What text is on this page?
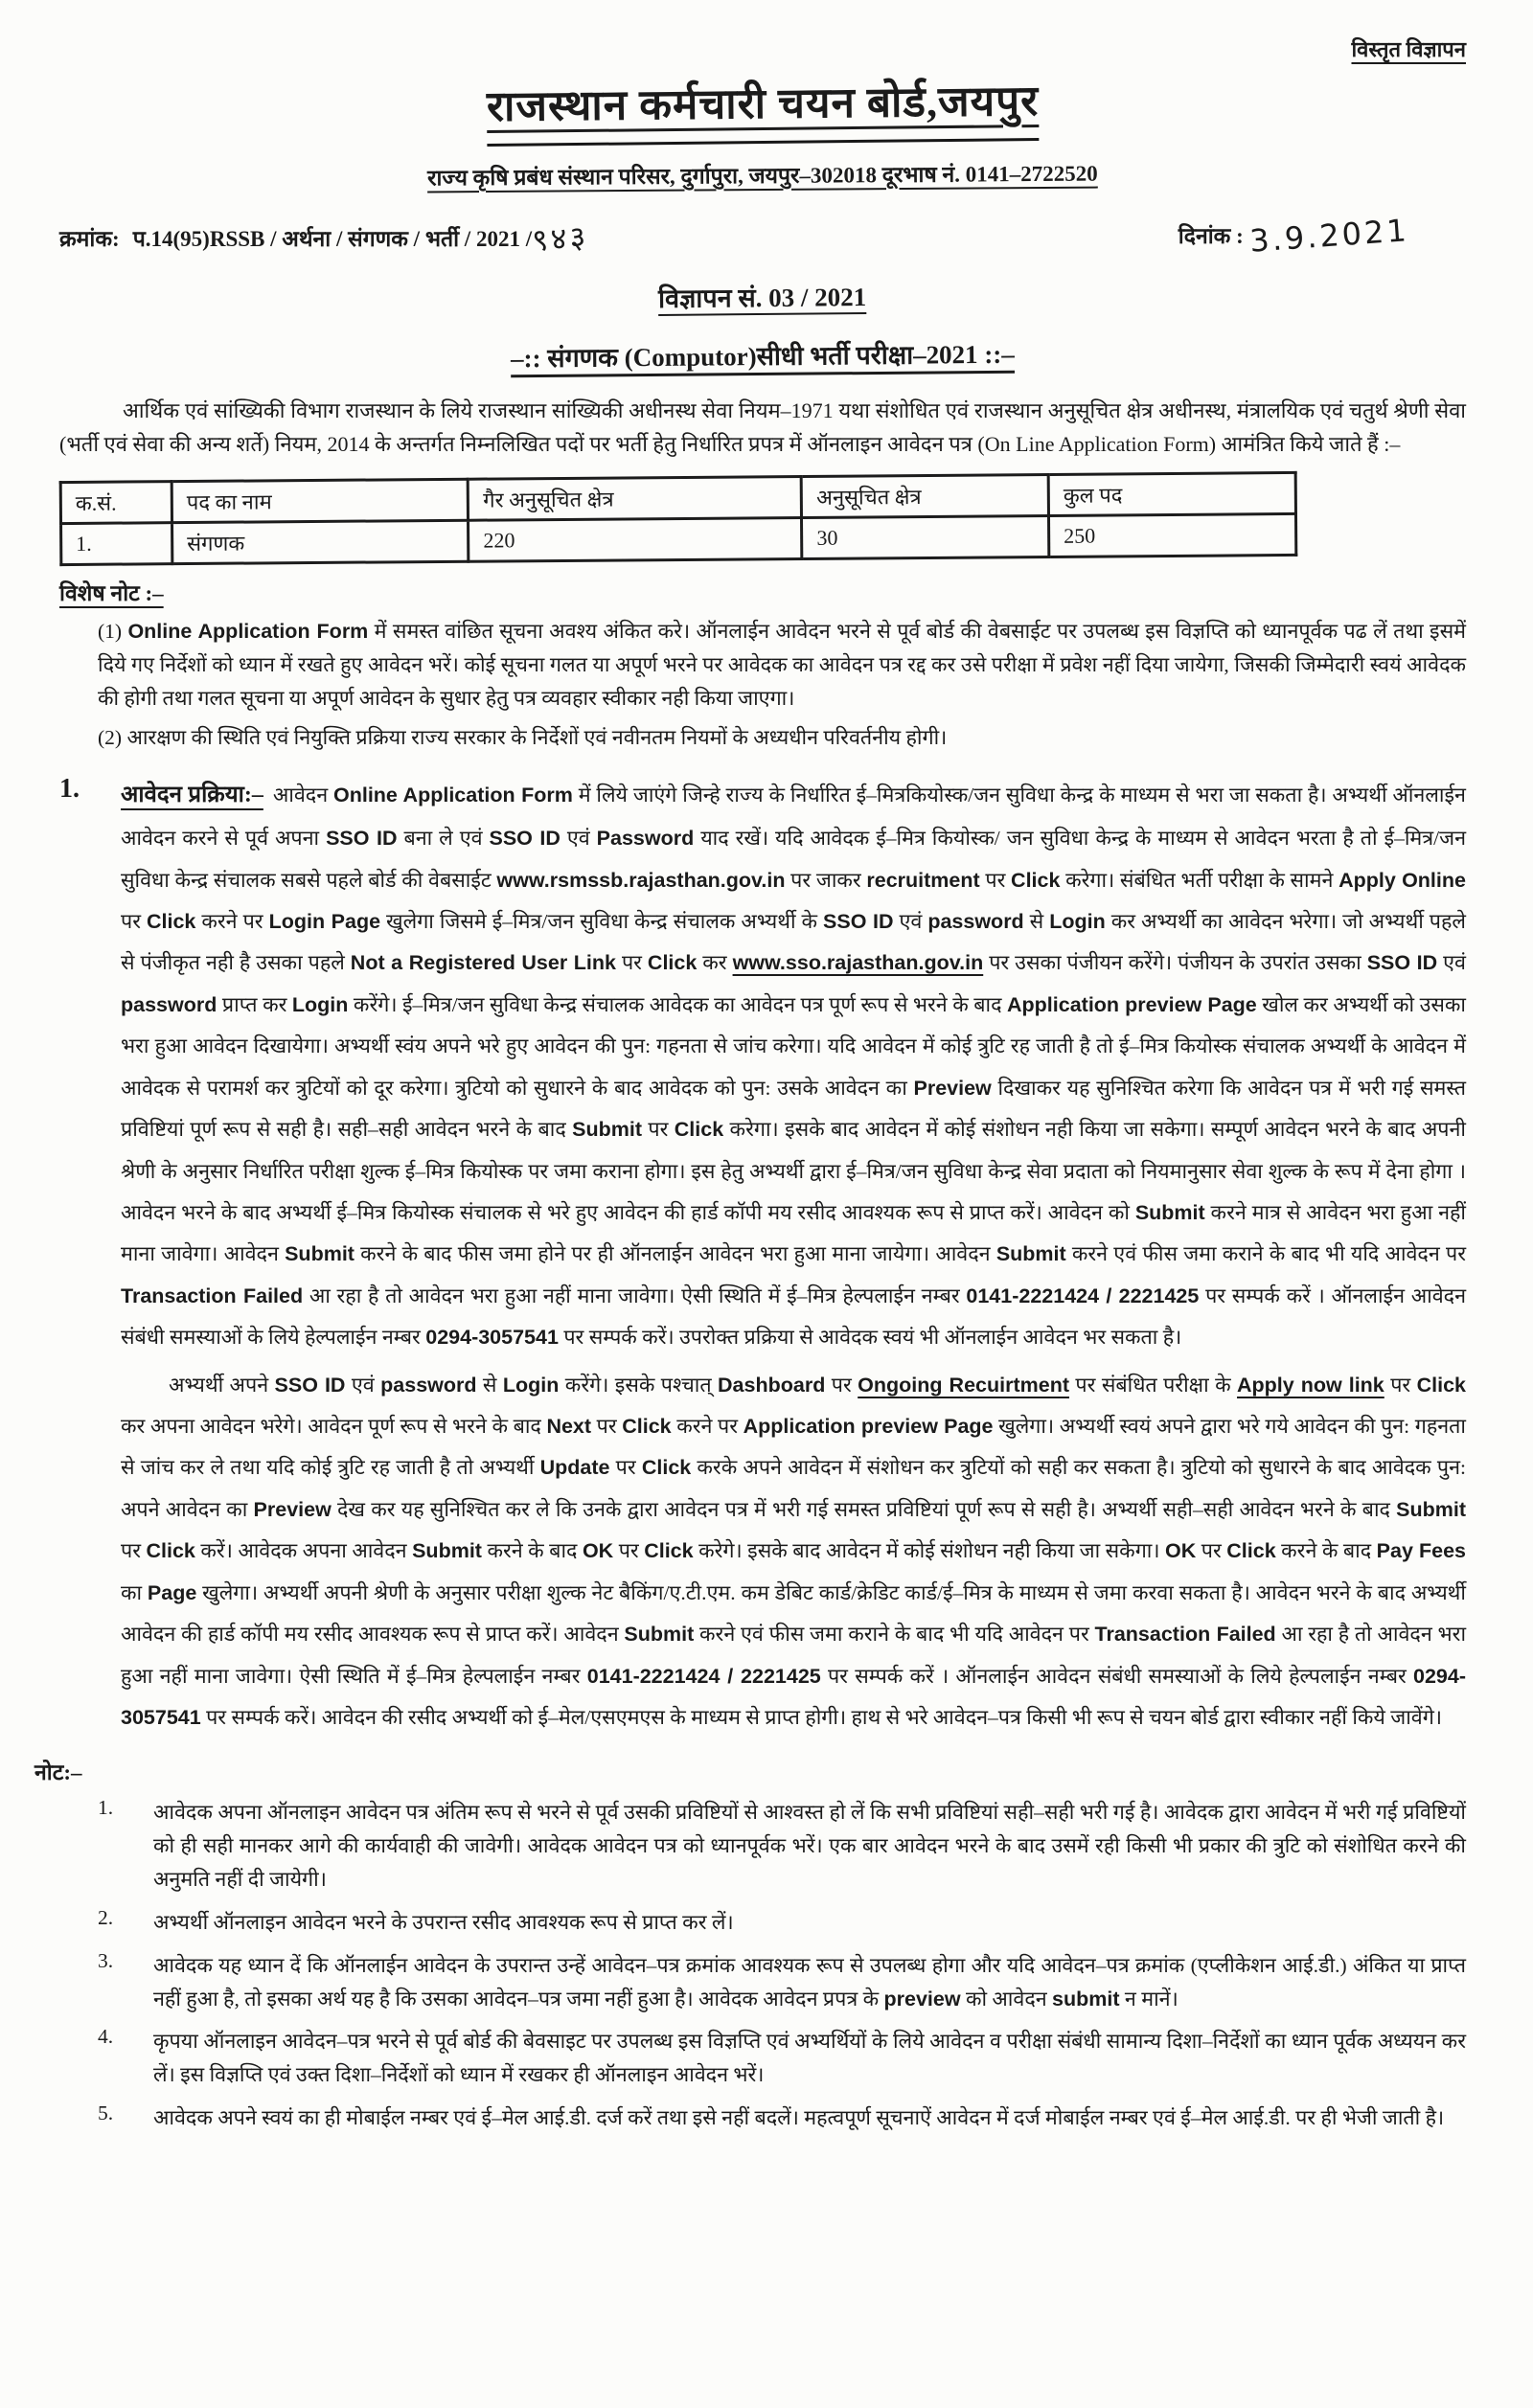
विस्तृत विज्ञापन
राजस्थान कर्मचारी चयन बोर्ड,जयपुर
राज्य कृषि प्रबंध संस्थान परिसर, दुर्गापुरा, जयपुर–302018 दूरभाष नं. 0141–2722520
क्रमांक: प.14(95)RSSB / अर्थना / संगणक / भर्ती / 2021 /९४३	दिनांक : 3.9.2021
विज्ञापन सं. 03 / 2021
–:: संगणक (Computor)सीधी भर्ती परीक्षा–2021 ::–

आर्थिक एवं सांख्यिकी विभाग राजस्थान के लिये राजस्थान सांख्यिकी अधीनस्थ सेवा नियम–1971 यथा संशोधित एवं राजस्थान अनुसूचित क्षेत्र अधीनस्थ, मंत्रालयिक एवं चतुर्थ श्रेणी सेवा (भर्ती एवं सेवा की अन्य शर्ते) नियम, 2014 के अन्तर्गत निम्नलिखित पदों पर भर्ती हेतु निर्धारित प्रपत्र में ऑनलाइन आवेदन पत्र (On Line Application Form) आमंत्रित किये जाते हैं :–

क.सं.	पद का नाम	गैर अनुसूचित क्षेत्र	अनुसूचित क्षेत्र	कुल पद
1.	संगणक	220	30	250
विशेष नोट :–

(1) Online Application Form में समस्त वांछित सूचना अवश्य अंकित करे। ऑनलाईन आवेदन भरने से पूर्व बोर्ड की वेबसाईट पर उपलब्ध इस विज्ञप्ति को ध्यानपूर्वक पढ लें तथा इसमें दिये गए निर्देशों को ध्यान में रखते हुए आवेदन भरें। कोई सूचना गलत या अपूर्ण भरने पर आवेदक का आवेदन पत्र रद्द कर उसे परीक्षा में प्रवेश नहीं दिया जायेगा, जिसकी जिम्मेदारी स्वयं आवेदक की होगी तथा गलत सूचना या अपूर्ण आवेदन के सुधार हेतु पत्र व्यवहार स्वीकार नही किया जाएगा।

(2) आरक्षण की स्थिति एवं नियुक्ति प्रक्रिया राज्य सरकार के निर्देशों एवं नवीनतम नियमों के अध्यधीन परिवर्तनीय होगी।

1.	आवेदन प्रक्रिया:– आवेदन Online Application Form में लिये जाएंगे जिन्हे राज्य के निर्धारित ई–मित्रकियोस्क/जन सुविधा केन्द्र के माध्यम से भरा जा सकता है। अभ्यर्थी ऑनलाईन आवेदन करने से पूर्व अपना SSO ID बना ले एवं SSO ID एवं Password याद रखें। यदि आवेदक ई–मित्र कियोस्क/ जन सुविधा केन्द्र के माध्यम से आवेदन भरता है तो ई–मित्र/जन सुविधा केन्द्र संचालक सबसे पहले बोर्ड की वेबसाईट www.rsmssb.rajasthan.gov.in पर जाकर recruitment पर Click करेगा। संबंधित भर्ती परीक्षा के सामने Apply Online पर Click करने पर Login Page खुलेगा जिसमे ई–मित्र/जन सुविधा केन्द्र संचालक अभ्यर्थी के SSO ID एवं password से Login कर अभ्यर्थी का आवेदन भरेगा। जो अभ्यर्थी पहले से पंजीकृत नही है उसका पहले Not a Registered User Link पर Click कर www.sso.rajasthan.gov.in पर उसका पंजीयन करेंगे। पंजीयन के उपरांत उसका SSO ID एवं password प्राप्त कर Login करेंगे। ई–मित्र/जन सुविधा केन्द्र संचालक आवेदक का आवेदन पत्र पूर्ण रूप से भरने के बाद Application preview Page खोल कर अभ्यर्थी को उसका भरा हुआ आवेदन दिखायेगा। अभ्यर्थी स्वंय अपने भरे हुए आवेदन की पुन: गहनता से जांच करेगा। यदि आवेदन में कोई त्रुटि रह जाती है तो ई–मित्र कियोस्क संचालक अभ्यर्थी के आवेदन में आवेदक से परामर्श कर त्रुटियों को दूर करेगा। त्रुटियो को सुधारने के बाद आवेदक को पुन: उसके आवेदन का Preview दिखाकर यह सुनिश्चित करेगा कि आवेदन पत्र में भरी गई समस्त प्रविष्टियां पूर्ण रूप से सही है। सही–सही आवेदन भरने के बाद Submit पर Click करेगा। इसके बाद आवेदन में कोई संशोधन नही किया जा सकेगा। सम्पूर्ण आवेदन भरने के बाद अपनी श्रेणी के अनुसार निर्धारित परीक्षा शुल्क ई–मित्र कियोस्क पर जमा कराना होगा। इस हेतु अभ्यर्थी द्वारा ई–मित्र/जन सुविधा केन्द्र सेवा प्रदाता को नियमानुसार सेवा शुल्क के रूप में देना होगा । आवेदन भरने के बाद अभ्यर्थी ई–मित्र कियोस्क संचालक से भरे हुए आवेदन की हार्ड कॉपी मय रसीद आवश्यक रूप से प्राप्त करें। आवेदन को Submit करने मात्र से आवेदन भरा हुआ नहीं माना जावेगा। आवेदन Submit करने के बाद फीस जमा होने पर ही ऑनलाईन आवेदन भरा हुआ माना जायेगा। आवेदन Submit करने एवं फीस जमा कराने के बाद भी यदि आवेदन पर Transaction Failed आ रहा है तो आवेदन भरा हुआ नहीं माना जावेगा। ऐसी स्थिति में ई–मित्र हेल्पलाईन नम्बर 0141-2221424 / 2221425 पर सम्पर्क करें । ऑनलाईन आवेदन संबंधी समस्याओं के लिये हेल्पलाईन नम्बर 0294-3057541 पर सम्पर्क करें। उपरोक्त प्रक्रिया से आवेदक स्वयं भी ऑनलाईन आवेदन भर सकता है।

अभ्यर्थी अपने SSO ID एवं password से Login करेंगे। इसके पश्चात् Dashboard पर Ongoing Recuirtment पर संबंधित परीक्षा के Apply now link पर Click कर अपना आवेदन भरेगे। आवेदन पूर्ण रूप से भरने के बाद Next पर Click करने पर Application preview Page खुलेगा। अभ्यर्थी स्वयं अपने द्वारा भरे गये आवेदन की पुन: गहनता से जांच कर ले तथा यदि कोई त्रुटि रह जाती है तो अभ्यर्थी Update पर Click करके अपने आवेदन में संशोधन कर त्रुटियों को सही कर सकता है। त्रुटियो को सुधारने के बाद आवेदक पुन: अपने आवेदन का Preview देख कर यह सुनिश्चित कर ले कि उनके द्वारा आवेदन पत्र में भरी गई समस्त प्रविष्टियां पूर्ण रूप से सही है। अभ्यर्थी सही–सही आवेदन भरने के बाद Submit पर Click करें। आवेदक अपना आवेदन Submit करने के बाद OK पर Click करेगे। इसके बाद आवेदन में कोई संशोधन नही किया जा सकेगा। OK पर Click करने के बाद Pay Fees का Page खुलेगा। अभ्यर्थी अपनी श्रेणी के अनुसार परीक्षा शुल्क नेट बैकिंग/ए.टी.एम. कम डेबिट कार्ड/क्रेडिट कार्ड/ई–मित्र के माध्यम से जमा करवा सकता है। आवेदन भरने के बाद अभ्यर्थी आवेदन की हार्ड कॉपी मय रसीद आवश्यक रूप से प्राप्त करें। आवेदन Submit करने एवं फीस जमा कराने के बाद भी यदि आवेदन पर Transaction Failed आ रहा है तो आवेदन भरा हुआ नहीं माना जावेगा। ऐसी स्थिति में ई–मित्र हेल्पलाईन नम्बर 0141-2221424 / 2221425 पर सम्पर्क करें । ऑनलाईन आवेदन संबंधी समस्याओं के लिये हेल्पलाईन नम्बर 0294-3057541 पर सम्पर्क करें। आवेदन की रसीद अभ्यर्थी को ई–मेल/एसएमएस के माध्यम से प्राप्त होगी। हाथ से भरे आवेदन–पत्र किसी भी रूप से चयन बोर्ड द्वारा स्वीकार नहीं किये जावेंगे।

नोट:–
1.	आवेदक अपना ऑनलाइन आवेदन पत्र अंतिम रूप से भरने से पूर्व उसकी प्रविष्टियों से आश्वस्त हो लें कि सभी प्रविष्टियां सही–सही भरी गई है। आवेदक द्वारा आवेदन में भरी गई प्रविष्टियों को ही सही मानकर आगे की कार्यवाही की जावेगी। आवेदक आवेदन पत्र को ध्यानपूर्वक भरें। एक बार आवेदन भरने के बाद उसमें रही किसी भी प्रकार की त्रुटि को संशोधित करने की अनुमति नहीं दी जायेगी।
2.	अभ्यर्थी ऑनलाइन आवेदन भरने के उपरान्त रसीद आवश्यक रूप से प्राप्त कर लें।
3.	आवेदक यह ध्यान दें कि ऑनलाईन आवेदन के उपरान्त उन्हें आवेदन–पत्र क्रमांक आवश्यक रूप से उपलब्ध होगा और यदि आवेदन–पत्र क्रमांक (एप्लीकेशन आई.डी.) अंकित या प्राप्त नहीं हुआ है, तो इसका अर्थ यह है कि उसका आवेदन–पत्र जमा नहीं हुआ है। आवेदक आवेदन प्रपत्र के preview को आवेदन submit न मानें।
4.	कृपया ऑनलाइन आवेदन–पत्र भरने से पूर्व बोर्ड की बेवसाइट पर उपलब्ध इस विज्ञप्ति एवं अभ्यर्थियों के लिये आवेदन व परीक्षा संबंधी सामान्य दिशा–निर्देशों का ध्यान पूर्वक अध्ययन कर लें। इस विज्ञप्ति एवं उक्त दिशा–निर्देशों को ध्यान में रखकर ही ऑनलाइन आवेदन भरें।
5.	आवेदक अपने स्वयं का ही मोबाईल नम्बर एवं ई–मेल आई.डी. दर्ज करें तथा इसे नहीं बदलें। महत्वपूर्ण सूचनाऐं आवेदन में दर्ज मोबाईल नम्बर एवं ई–मेल आई.डी. पर ही भेजी जाती है।
